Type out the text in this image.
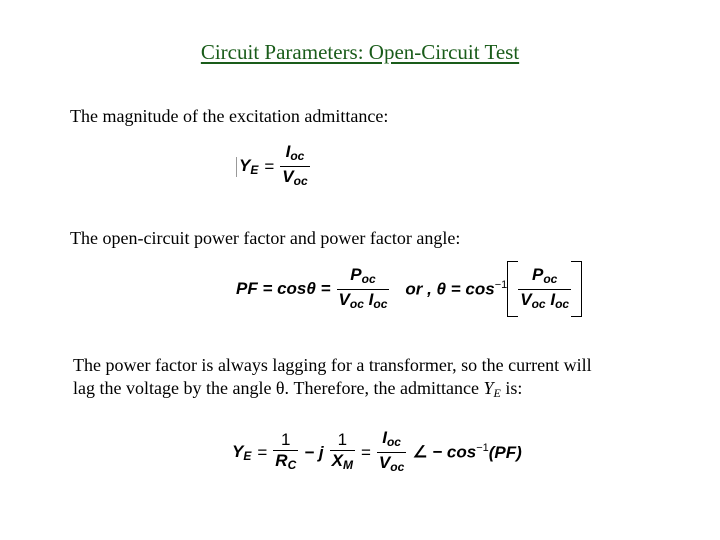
Circuit Parameters: Open-Circuit Test
The magnitude of the excitation admittance:
$Y_E = \frac{I_{oc}}{V_{oc}}$
The open-circuit power factor and power factor angle:
PF = $\cos\theta = \frac{P_{oc}}{V_{oc} I_{oc}}$ or , $\theta = \cos^{-1} \frac{P_{oc}}{V_{oc} I_{oc}}$
The power factor is always lagging for a transformer, so the current will
lag the voltage by the angle θ. Therefore, the admittance $Y_E$ is:
$Y_E = \frac{1}{R_C} - j \frac{1}{X_M} = \frac{I_{oc}}{V_{oc}}$ ∠ − $\cos^{-1} (PF)$
